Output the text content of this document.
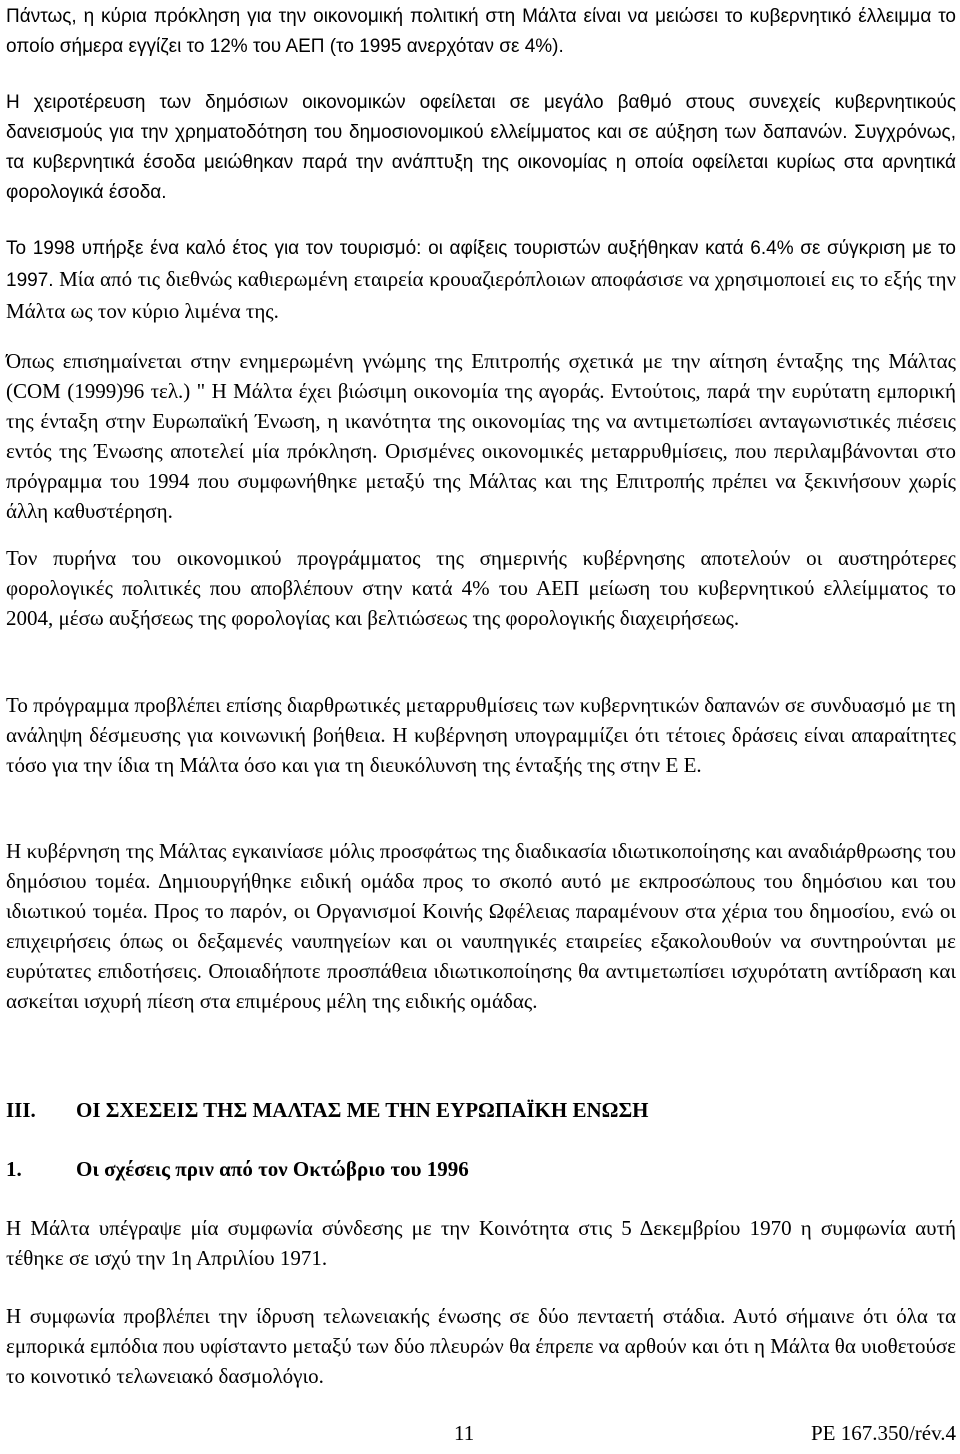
Πάντως, η κύρια πρόκληση για την οικονομική πολιτική στη Μάλτα είναι να μειώσει το κυβερνητικό έλλειμμα το οποίο σήμερα εγγίζει το 12% του ΑΕΠ (το 1995 ανερχόταν σε 4%).

Η χειροτέρευση των δημόσιων οικονομικών οφείλεται σε μεγάλο βαθμό στους συνεχείς κυβερνητικούς δανεισμούς για την χρηματοδότηση του δημοσιονομικού ελλείμματος και σε αύξηση των δαπανών. Συγχρόνως, τα κυβερνητικά έσοδα μειώθηκαν παρά την ανάπτυξη της οικονομίας η οποία οφείλεται κυρίως στα αρνητικά φορολογικά έσοδα.

Το 1998 υπήρξε ένα καλό έτος για τον τουρισμό: οι αφίξεις τουριστών αυξήθηκαν κατά 6.4% σε σύγκριση με το 1997. Μία από τις διεθνώς καθιερωμένη εταιρεία κρουαζιερόπλοιων αποφάσισε να χρησιμοποιεί εις το εξής την Μάλτα ως τον κύριο λιμένα της.

Όπως επισημαίνεται στην ενημερωμένη γνώμης της Επιτροπής σχετικά με την αίτηση ένταξης της Μάλτας (COM (1999)96 τελ.) " Η Μάλτα έχει βιώσιμη οικονομία της αγοράς. Εντούτοις, παρά την ευρύτατη εμπορική της ένταξη στην Ευρωπαϊκή Ένωση, η ικανότητα της οικονομίας της να αντιμετωπίσει ανταγωνιστικές πιέσεις εντός της Ένωσης αποτελεί μία πρόκληση. Ορισμένες οικονομικές μεταρρυθμίσεις, που περιλαμβάνονται στο πρόγραμμα του 1994 που συμφωνήθηκε μεταξύ της Μάλτας και της Επιτροπής πρέπει να ξεκινήσουν χωρίς άλλη καθυστέρηση.

Τον πυρήνα του οικονομικού προγράμματος της σημερινής κυβέρνησης αποτελούν οι αυστηρότερες φορολογικές πολιτικές που αποβλέπουν στην κατά 4% του ΑΕΠ μείωση του κυβερνητικού ελλείμματος το 2004, μέσω αυξήσεως της φορολογίας και βελτιώσεως της φορολογικής διαχειρήσεως.

Το πρόγραμμα προβλέπει επίσης διαρθρωτικές μεταρρυθμίσεις των κυβερνητικών δαπανών σε συνδυασμό με τη ανάληψη δέσμευσης για κοινωνική βοήθεια. Η κυβέρνηση υπογραμμίζει ότι τέτοιες δράσεις είναι απαραίτητες τόσο για την ίδια τη Μάλτα όσο και για τη διευκόλυνση της ένταξής της στην Ε Ε.

Η κυβέρνηση της Μάλτας εγκαινίασε μόλις προσφάτως της διαδικασία ιδιωτικοποίησης και αναδιάρθρωσης του δημόσιου τομέα. Δημιουργήθηκε ειδική ομάδα προς το σκοπό αυτό με εκπροσώπους του δημόσιου και του ιδιωτικού τομέα. Προς το παρόν, οι Οργανισμοί Κοινής Ωφέλειας παραμένουν στα χέρια του δημοσίου, ενώ οι επιχειρήσεις όπως οι δεξαμενές ναυπηγείων και οι ναυπηγικές εταιρείες εξακολουθούν να συντηρούνται με ευρύτατες επιδοτήσεις. Οποιαδήποτε προσπάθεια ιδιωτικοποίησης θα αντιμετωπίσει ισχυρότατη αντίδραση και ασκείται ισχυρή πίεση στα επιμέρους μέλη της ειδικής ομάδας.

III. ΟΙ ΣΧΕΣΕΙΣ ΤΗΣ ΜΑΛΤΑΣ ΜΕ ΤΗΝ ΕΥΡΩΠΑΪΚΗ ΕΝΩΣΗ
1.	Οι σχέσεις πριν από τον Οκτώβριο του 1996

Η Μάλτα υπέγραψε μία συμφωνία σύνδεσης με την Κοινότητα στις 5 Δεκεμβρίου 1970 η συμφωνία αυτή τέθηκε σε ισχύ την 1η Απριλίου 1971.

Η συμφωνία προβλέπει την ίδρυση τελωνειακής ένωσης σε δύο πενταετή στάδια. Αυτό σήμαινε ότι όλα τα εμπορικά εμπόδια που υφίσταντο μεταξύ των δύο πλευρών θα έπρεπε να αρθούν και ότι η Μάλτα θα υιοθετούσε το κοινοτικό τελωνειακό δασμολόγιο.

11	PE 167.350/rév.4
